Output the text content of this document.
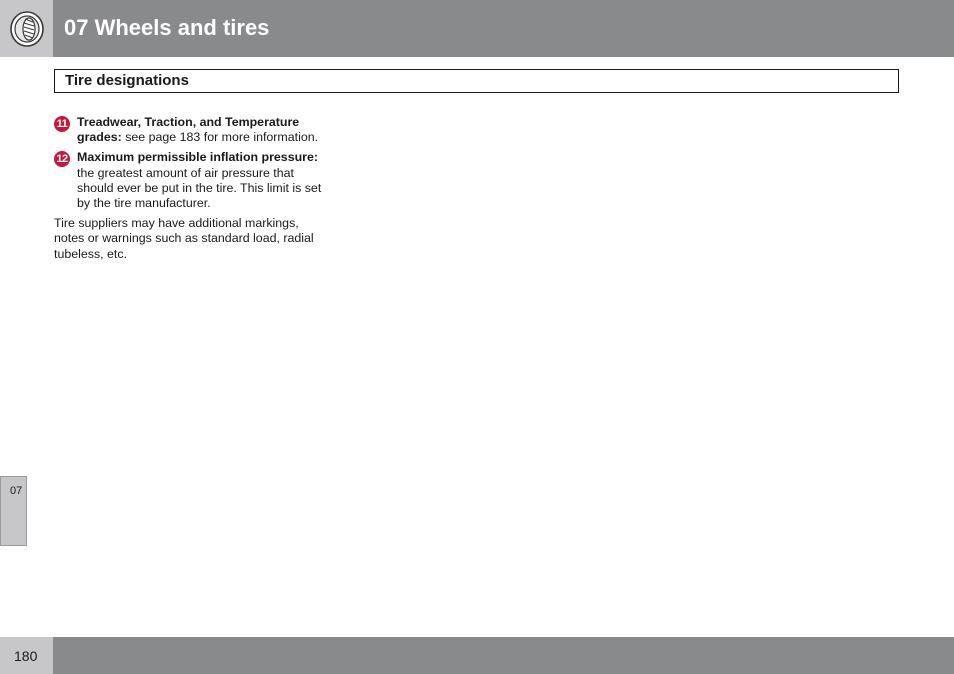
07 Wheels and tires
Tire designations
11 Treadwear, Traction, and Temperature grades: see page 183 for more information.
12 Maximum permissible inflation pressure: the greatest amount of air pressure that should ever be put in the tire. This limit is set by the tire manufacturer.

Tire suppliers may have additional markings, notes or warnings such as standard load, radial tubeless, etc.

07
180
